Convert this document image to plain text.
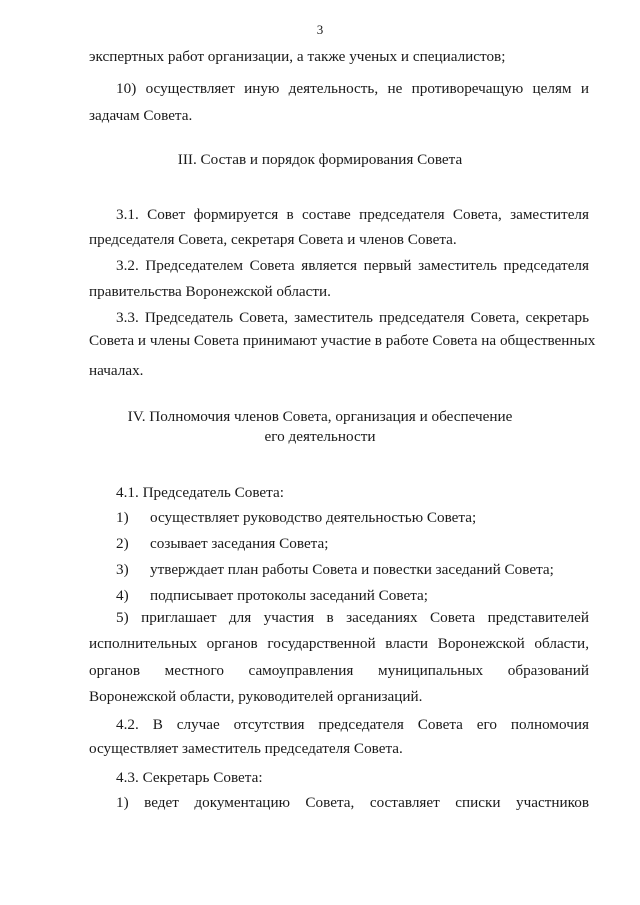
3
экспертных работ организации, а также ученых и специалистов;
10) осуществляет иную деятельность, не противоречащую целям и
задачам Совета.
III. Состав и порядок формирования Совета
3.1. Совет формируется в составе председателя Совета, заместителя
председателя Совета, секретаря Совета и членов Совета.
3.2. Председателем Совета является первый заместитель председателя
правительства Воронежской области.
3.3. Председатель Совета, заместитель председателя Совета, секретарь
Совета и члены Совета принимают участие в работе Совета на общественных
началах.
IV. Полномочия членов Совета, организация и обеспечение
его деятельности
4.1. Председатель Совета:
1) осуществляет руководство деятельностью Совета;
2) созывает заседания Совета;
3) утверждает план работы Совета и повестки заседаний Совета;
4) подписывает протоколы заседаний Совета;
5) приглашает для участия в заседаниях Совета представителей
исполнительных органов государственной власти Воронежской области,
органов местного самоуправления муниципальных образований
Воронежской области, руководителей организаций.
4.2. В случае отсутствия председателя Совета его полномочия
осуществляет заместитель председателя Совета.
4.3. Секретарь Совета:
1) ведет документацию Совета, составляет списки участников
